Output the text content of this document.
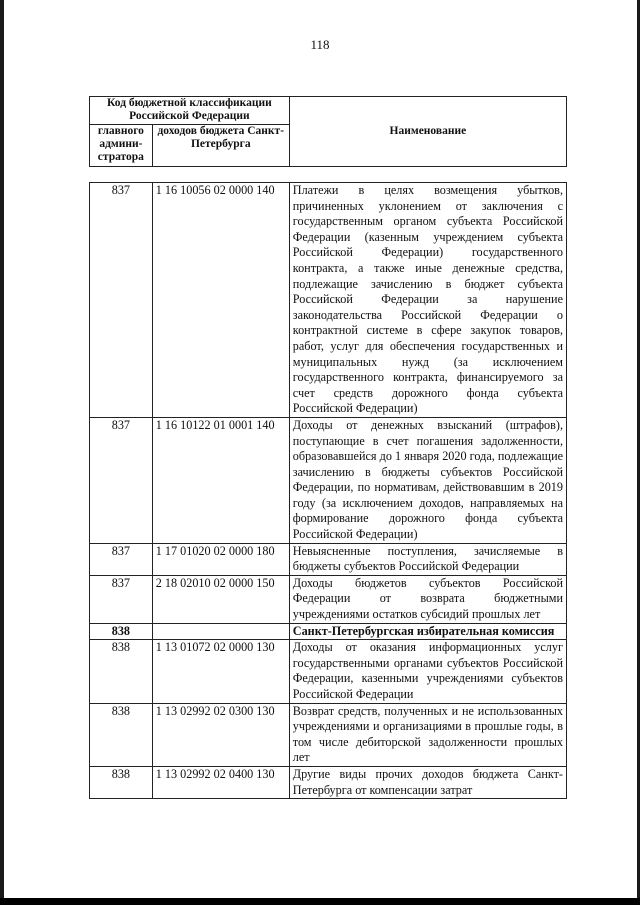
118
Код бюджетной классификации Российской Федерации		Наименование
главного админи-стратора	доходов бюджета Санкт-Петербурга	
837	1 16 10056 02 0000 140	Платежи в целях возмещения убытков, причиненных уклонением от заключения с государственным органом субъекта Российской Федерации (казенным учреждением субъекта Российской Федерации) государственного контракта, а также иные денежные средства, подлежащие зачислению в бюджет субъекта Российской Федерации за нарушение законодательства Российской Федерации о контрактной системе в сфере закупок товаров, работ, услуг для обеспечения государственных и муниципальных нужд (за исключением государственного контракта, финансируемого за счет средств дорожного фонда субъекта Российской Федерации)
837	1 16 10122 01 0001 140	Доходы от денежных взысканий (штрафов), поступающие в счет погашения задолженности, образовавшейся до 1 января 2020 года, подлежащие зачислению в бюджеты субъектов Российской Федерации, по нормативам, действовавшим в 2019 году (за исключением доходов, направляемых на формирование дорожного фонда субъекта Российской Федерации)
837	1 17 01020 02 0000 180	Невыясненные поступления, зачисляемые в бюджеты субъектов Российской Федерации
837	2 18 02010 02 0000 150	Доходы бюджетов субъектов Российской Федерации от возврата бюджетными учреждениями остатков субсидий прошлых лет
838		Санкт-Петербургская избирательная комиссия
838	1 13 01072 02 0000 130	Доходы от оказания информационных услуг государственными органами субъектов Российской Федерации, казенными учреждениями субъектов Российской Федерации
838	1 13 02992 02 0300 130	Возврат средств, полученных и не использованных учреждениями и организациями в прошлые годы, в том числе дебиторской задолженности прошлых лет
838	1 13 02992 02 0400 130	Другие виды прочих доходов бюджета Санкт-Петербурга от компенсации затрат
